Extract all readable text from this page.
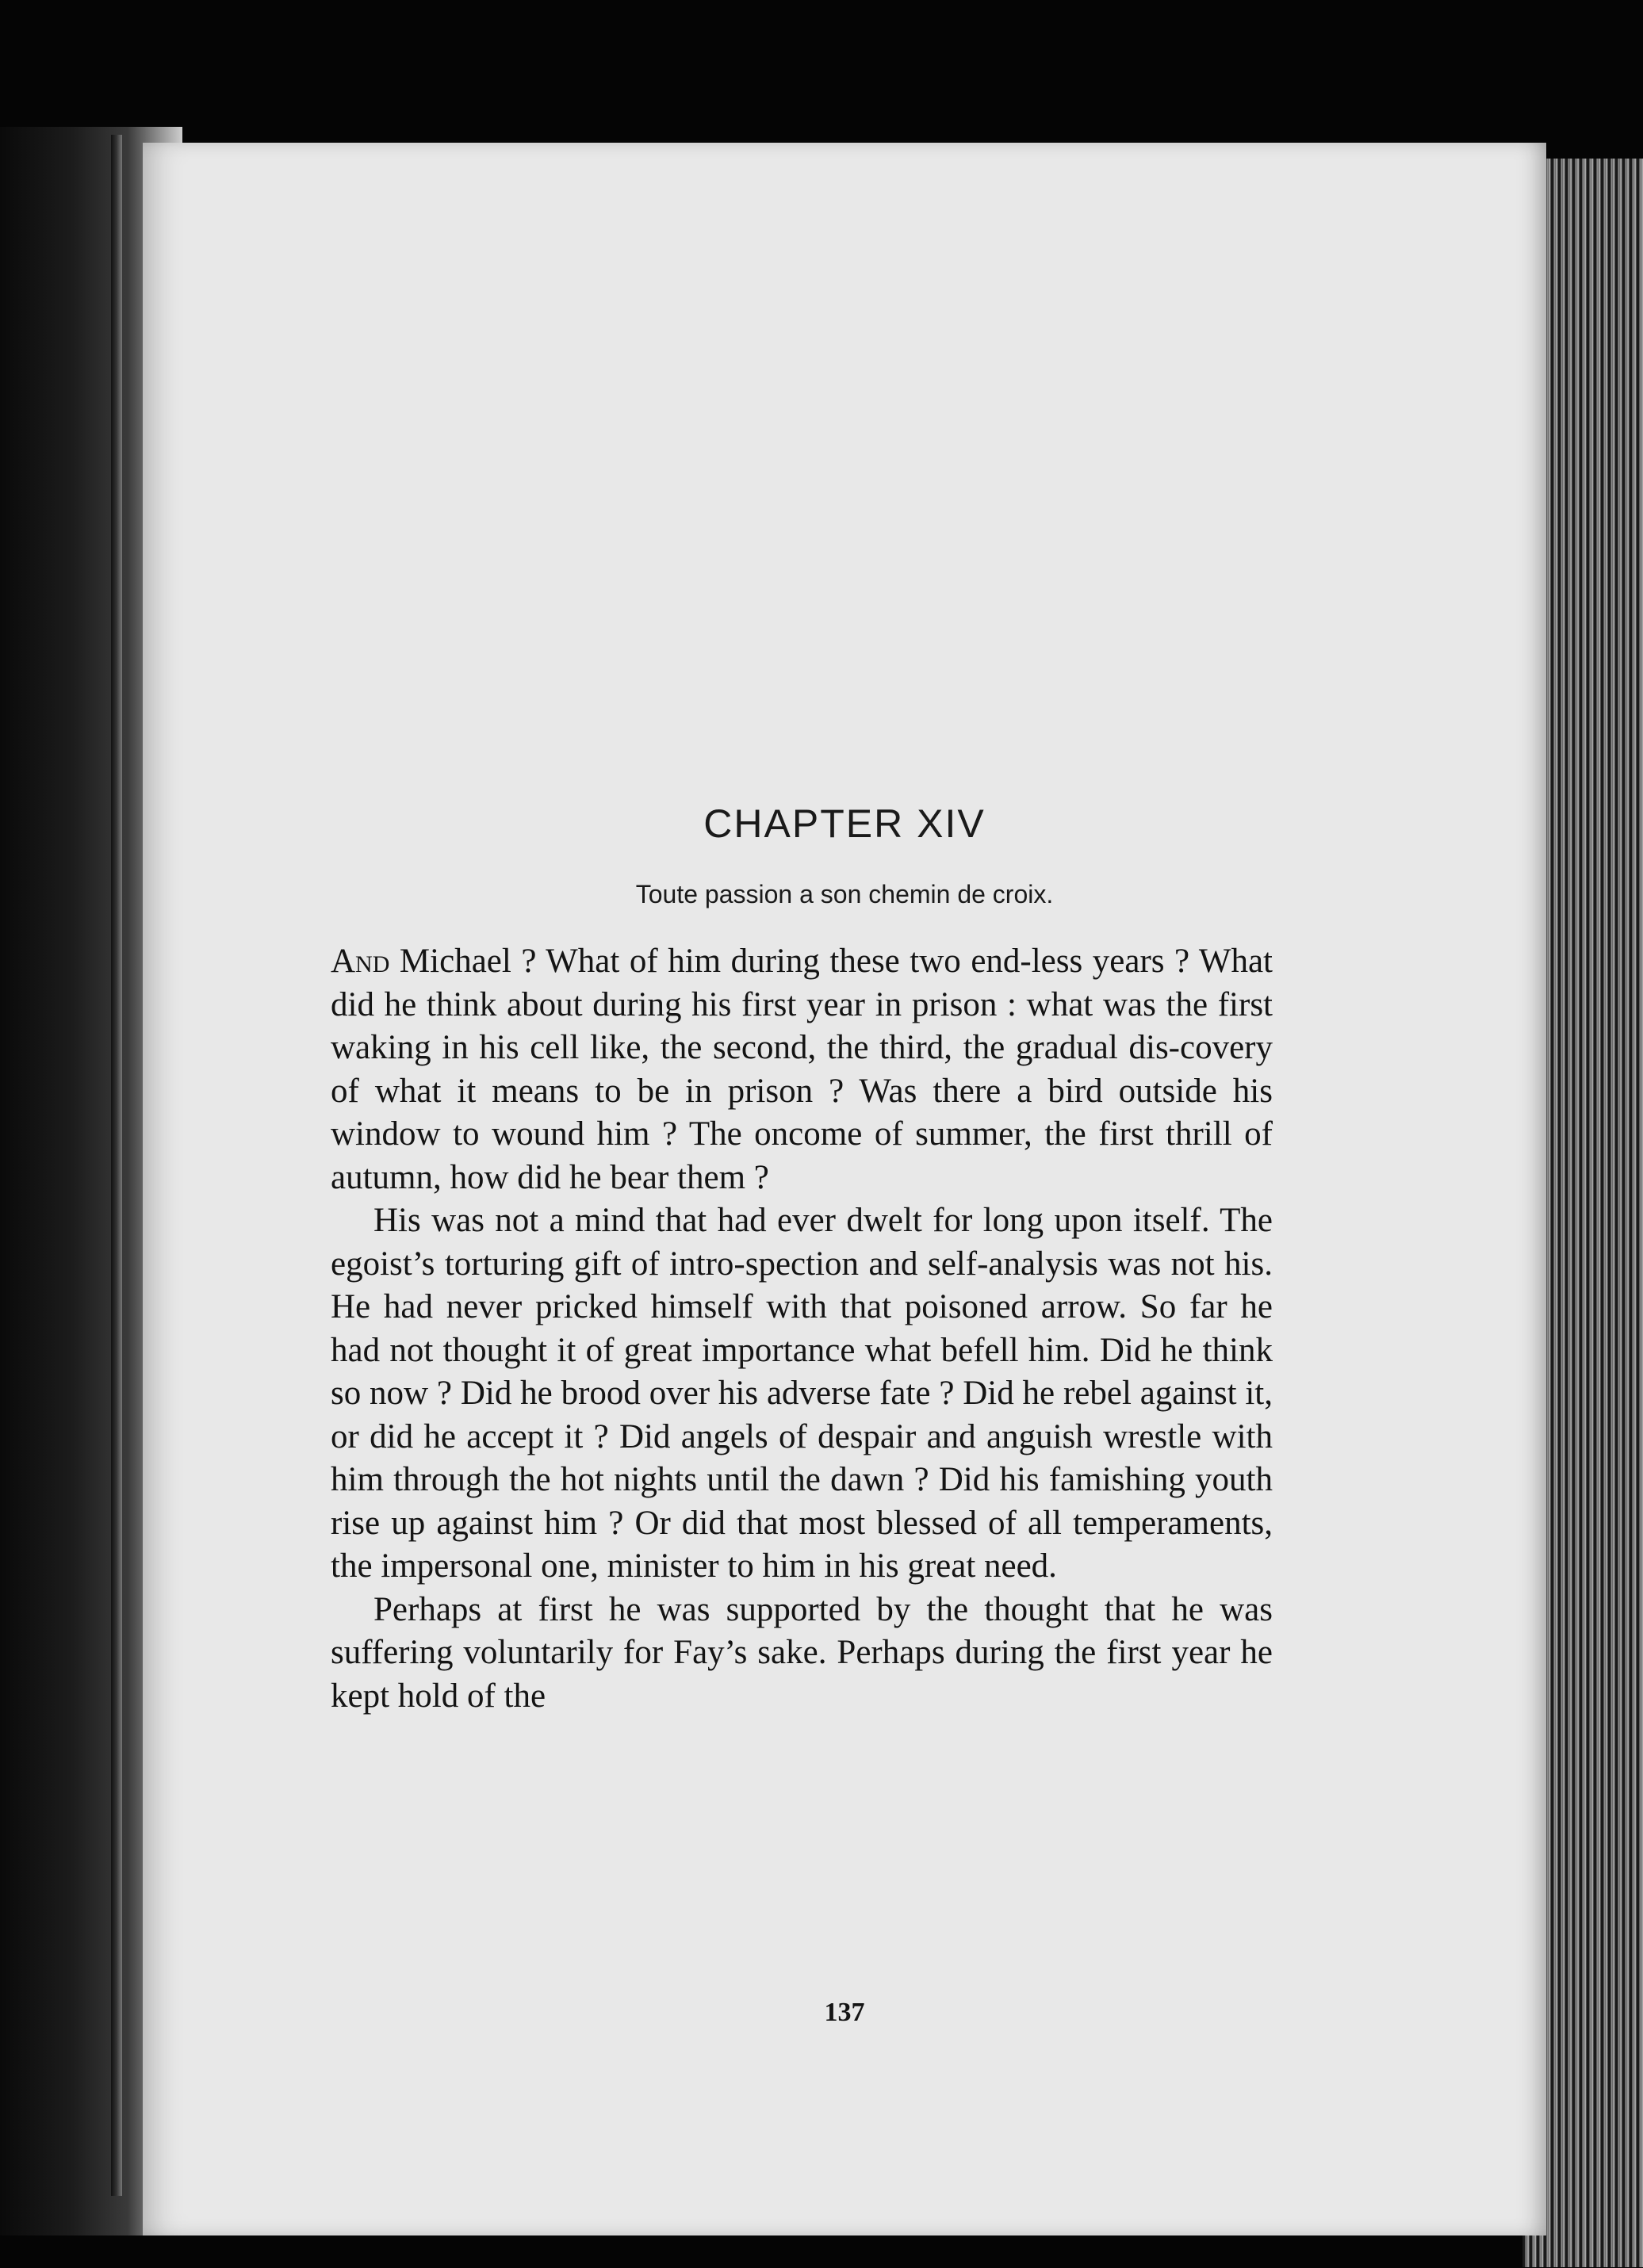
CHAPTER XIV

Toute passion a son chemin de croix.

And Michael ? What of him during these two end-less years ? What did he think about during his first year in prison : what was the first waking in his cell like, the second, the third, the gradual dis-covery of what it means to be in prison ? Was there a bird outside his window to wound him ? The oncome of summer, the first thrill of autumn, how did he bear them ?

His was not a mind that had ever dwelt for long upon itself. The egoist’s torturing gift of intro-spection and self-analysis was not his. He had never pricked himself with that poisoned arrow. So far he had not thought it of great importance what befell him. Did he think so now ? Did he brood over his adverse fate ? Did he rebel against it, or did he accept it ? Did angels of despair and anguish wrestle with him through the hot nights until the dawn ? Did his famishing youth rise up against him ? Or did that most blessed of all temperaments, the impersonal one, minister to him in his great need.

Perhaps at first he was supported by the thought that he was suffering voluntarily for Fay’s sake. Perhaps during the first year he kept hold of the

137
